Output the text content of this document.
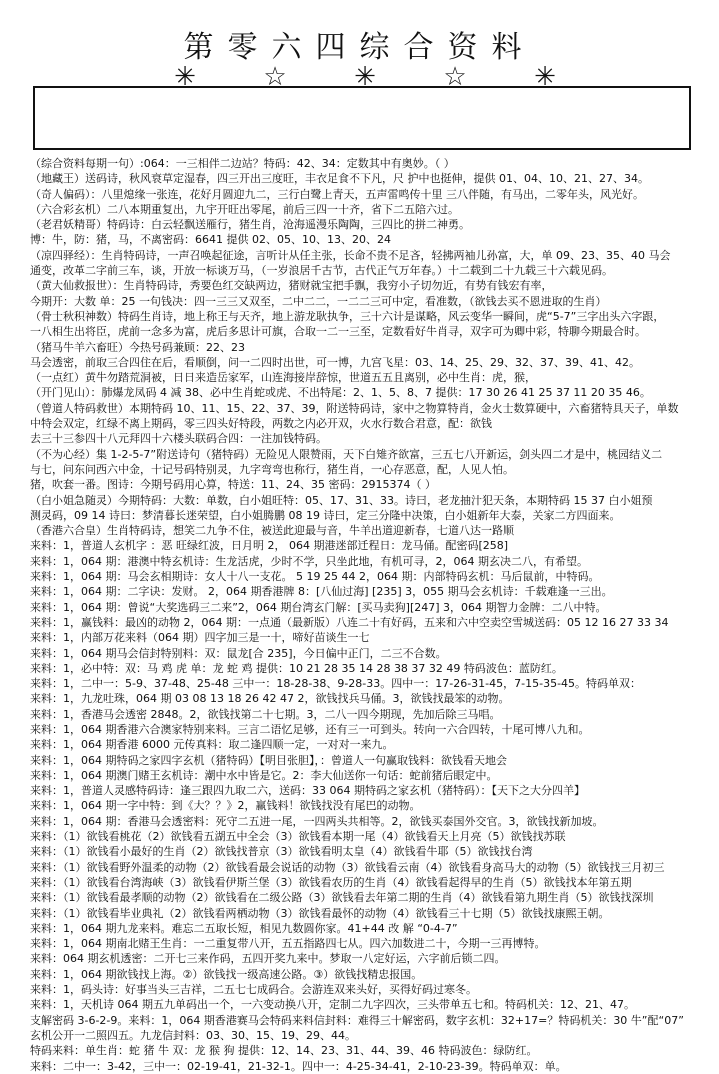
第零六四综合资料
✳	☆	✳	☆	✳
（综合资料每期一句）:064：一三相伴二边站？特码：42、34：定数其中有奥妙。（ ）
（地藏王）送码诗，秋风衰草定湿春，四三开出三度旺，丰衣足食不下凡，尺 护中也挺伸，提供 01、04、10、21、27、34。
（奇人偏码）：八里熄缘一张连，花好月圆迎九二，三行白鹭上青天，五声雷鸣传十里 三八伴随，有马出，二零年头，风光好。
（六合彩玄机）二八本期重复出，九宇开旺出零尾，前后三四一十齐，省下二五陪六过。
（老君妖精哥）特码诗：白云轻飘送雁行，猪生肖，沧海遥漫乐陶陶，三四比的拼二神勇。
博：牛，防：猪，马，不离密码：6641 提供 02、05、10、13、20、24
（凉四驿经）：生肖特码诗，一声召唤起征途，言听计从任主张，长命不贵不足吝，轻拂两袖儿孙富，大，单 09、23、35、40 马会
通变，改革二字前三车，谈，开放一标谈万马，（一岁浪居千古节，古代正气万年春。）十二载到二十九载三十六载见码。
（黄大仙救报世）：生肖特码诗，秀要色红交缺两边，猪财就宝把手飘，我穷小子切勿近，有势有钱宏有率，
今期开：大数 单：25 一句钱决：四一三三又双至，二中二二，一二二三可中定，看准数，（欲钱去买不恩进取的生肖）
（骨士秋积神数）特码生肖诗，地上称王与天齐，地上游龙耿执争，三十六计是谋略，风云变华一瞬间，虎“5-7”三字出头六字跟，
一八相生出将臣，虎前一念多为富，虎后多思计可旗，合取一二一三至，定数看好牛肖寻，双字可为卿中彩，特聊今期最合时。
（猪马牛羊六畜旺）今热号码兼顾：22、23
马会透密，前取三合四住在后，看顺倒，问一二四时出世，可一博，九宫飞星：03、14、25、29、32、37、39、41、42。
（一点红）黄牛勿踏荒洞被，日日来造岳家军，山连海接岸辞惊，世道五五且离别，必中生肖：虎，猴，
（开门见山）：肺爆龙凤码 4 减 38、必中生肖蛇或虎、不出特尾：2、1、5、8、7 提供：17 30 26 41 25 37 11 20 35 46。
（曾道人特码救世）本期特码 10、11、15、22、37、39，附送特码诗，家中之物算特肖，金火士数算硬中，六畜猪特具天子，单数
中特会双定，红绿不离上期码，零三四头好特段，两数之内必开双，火水行数合君意，配：欲钱
去三十三参四十八元拜四十六楼头联码合四：一注加钱特码。
（不为心经）集 1-2-5-7”附送诗句（猪特码）无险见人限赞雨，天下白雉齐欲富，三五七八开新运，剑头四二才是中，桃园结义二
与七，问东问西六中金，十记号码特别灵，九字弯弯也称行，猪生肖，一心存恶意，配，人见人怕。
猪，吹套一番。图诗：今期号码用心算，特送：11、24、35 密码：2915374（ ）
（白小姐急随灵）今期特码：大数：单数，白小姐旺特：05、17、31、33。诗曰，老龙抽汁犯天条，本期特码 15 37 白小姐预
测灵码，09 14 诗曰：梦清暮长迷荣望，白小姐腾鹏 08 19 诗曰，定三分隆中决策，白小姐新年大泰，关家二方四面来。
（香港六合皇）生肖特码诗，想笑二九争不住，被送此迎最与音，牛羊出道迎新春，七道八达一路顺
来料：1，普道人玄机字 ：恶 旺绿红波，日月明 2， 064 期港迷部迁程日：龙马俑。配密码[258]
来料：1，064 期：港澳中特玄机诗：生龙活虎，少时不学，只坐此地，有机可寻，2，064 期玄决二八，有希望。
来料：1，064 期：马会玄相期诗：女人十八一支花。 5 19 25 44 2，064 期：内部特码玄机：马后鼠前，中特码。
来料：1，064 期：二字诀：发财。 2，064 期香港牌 8：[八仙过海] [235] 3，055 期马会玄机诗：千载难逢一三出。
来料：1，064 期：曾说“大奖选码三二来”2，064 期台湾玄门解：[买马卖狗][247] 3，064 期智力金牌：二八中特。
来料：1，赢钱料：最凶的动物 2，064 期：一点通（最新版）八连二十有好码，五来和六中空卖空雪城送码：05 12 16 27 33 34
来料：1，内部万花来料（064 期）四字加三是一十，啼好苗谈生一七
来料：1，064 期马会信封特别料：双：鼠龙[合 235]，今日偏中正门，二三不合数。
来料：1，必中特：双：马 鸡 虎 单：龙 蛇 鸡 提供：10 21 28 35 14 28 38 37 32 49 特码波色：蓝防红。
来料：1，二中一：5-9、37-48、25-48 三中一：18-28-38、9-28-33。四中一：17-26-31-45，7-15-35-45。特码单双：
来料：1，九龙吐珠，064 期 03 08 13 18 26 42 47 2，欲钱找兵马俑。3，欲钱找最笨的动物。
来料：1，香港马会透密 2848。2，欲钱找第二十七期。3，二八一四今期现，先加后除三马唱。
来料：1，064 期香港六合澳家特别来料。三言二语忆足够，还有三一可到头。转向一六合四转，十尾可博八九和。
来料：1，064 期香港 6000 元传真料：取二逢四顺一定，一对对一来九。
来料：1，064 期特码之家四字玄机（猪特码）【明目张胆】，：曾道人一句赢取钱料：欲钱看天地会
来料：1，064 期澳门赌王玄机诗：潮中水中皆是它。2：李大仙送你一句话：蛇前猪后眼定中。
来料：1，普道人灵感特码诗：逢三跟四九取二六，送码：33 064 期特码之家玄机（猪特码）：【天下之大分四羊】
来料：1，064 期一字中特：到《大？？》2，赢钱料！欲钱找没有尾巴的动物。
来料：1，064 期：香港马会透密料：死守二五进一尾，一四两头共相等。2，欲钱买泰国外交官。3，欲钱找新加坡。
来料：（1）欲钱看桃花（2）欲钱看五湖五中全会（3）欲钱看本期一尾（4）欲钱看天上月亮（5）欲钱找苏联
来料：（1）欲钱看小最好的生肖（2）欲钱找普京（3）欲钱看明太皇（4）欲钱看牛耶（5）欲钱找台湾
来料：（1）欲钱看野外温柔的动物（2）欲钱看最会说话的动物（3）欲钱看云南（4）欲钱看身高马大的动物（5）欲钱找三月初三
来料：（1）欲钱看台湾海峡（3）欲钱看伊斯兰堡（3）欲钱看农历的生肖（4）欲钱看起得早的生肖（5）欲钱找本年第五期
来料：（1）欲钱看最孝顺的动物（2）欲钱看在二级公路（3）欲钱看去年第二期的生肖（4）欲钱看第九期生肖（5）欲钱找深圳
来料：（1）欲钱看毕业典礼（2）欲钱看两栖动物（3）欲钱看最怀的动物（4）欲钱看三十七期（5）欲钱找康熙王朝。
来料：1，064 期九龙来料。难忘二五取长短，相见九数圆你家。41+44 改 解 “0-4-7”
来料：1，064 期南北赌王生肖：一二重复带八开，五五指路四七从。四六加数进二十，今期一三再博特。
来料：064 期玄机透密：二开七三来作码，五四开奖九来中。梦取一八定好运，六字前后锁二四。
来料：1，064 期欲钱找上海。②）欲钱找一级高速公路。③）欲钱找精忠报国。
来料：1，码头诗：好事当头三吉祥，二五七七成码合。会游连双来头好，买得好码过寒冬。
来料：1，天机诗 064 期五九单码出一个，一六变动换八开，定制二九字四次，三头带单五七和。特码机关：12、21、47。
支解密码 3-6-2-9。来料：1，064 期香港赛马会特码来料信封料：难得三十解密码，数字玄机：32+17=？特码机关：30 牛”配“07”
玄机公开一二照四五。九龙信封料：03、30、15、19、29、44。
特码来料：单生肖：蛇 猪 牛 双：龙 猴 狗 提供：12、14、23、31、44、39、46 特码波色：绿防红。
来料：二中一：3-42，三中一：02-19-41，21-32-1。四中一：4-25-34-41，2-10-23-39。特码单双：单。
